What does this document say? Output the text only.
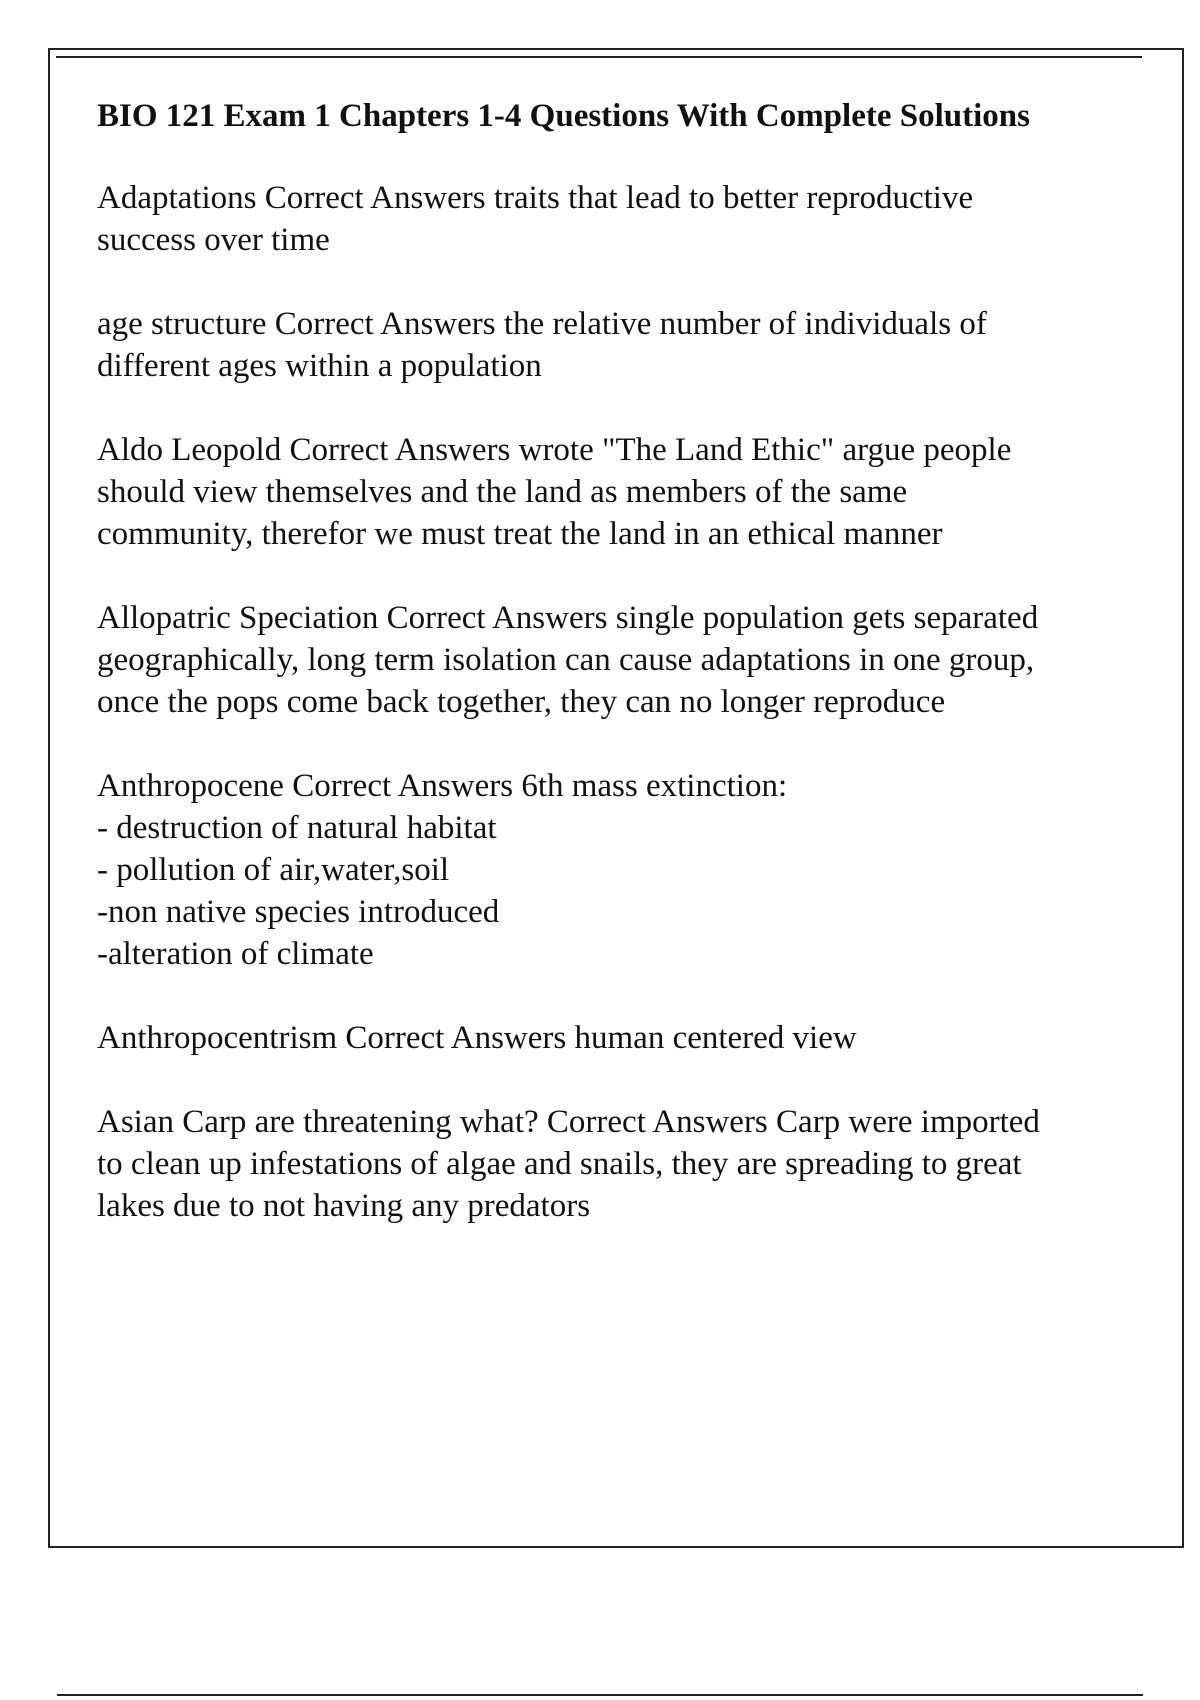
BIO 121 Exam 1 Chapters 1-4 Questions With Complete Solutions
Adaptations Correct Answers traits that lead to better reproductive success over time
age structure Correct Answers the relative number of individuals of different ages within a population
Aldo Leopold Correct Answers wrote "The Land Ethic" argue people should view themselves and the land as members of the same community, therefor we must treat the land in an ethical manner
Allopatric Speciation Correct Answers single population gets separated geographically, long term isolation can cause adaptations in one group, once the pops come back together, they can no longer reproduce
Anthropocene Correct Answers 6th mass extinction:
- destruction of natural habitat
- pollution of air,water,soil
-non native species introduced
-alteration of climate
Anthropocentrism Correct Answers human centered view
Asian Carp are threatening what? Correct Answers Carp were imported to clean up infestations of algae and snails, they are spreading to great lakes due to not having any predators
